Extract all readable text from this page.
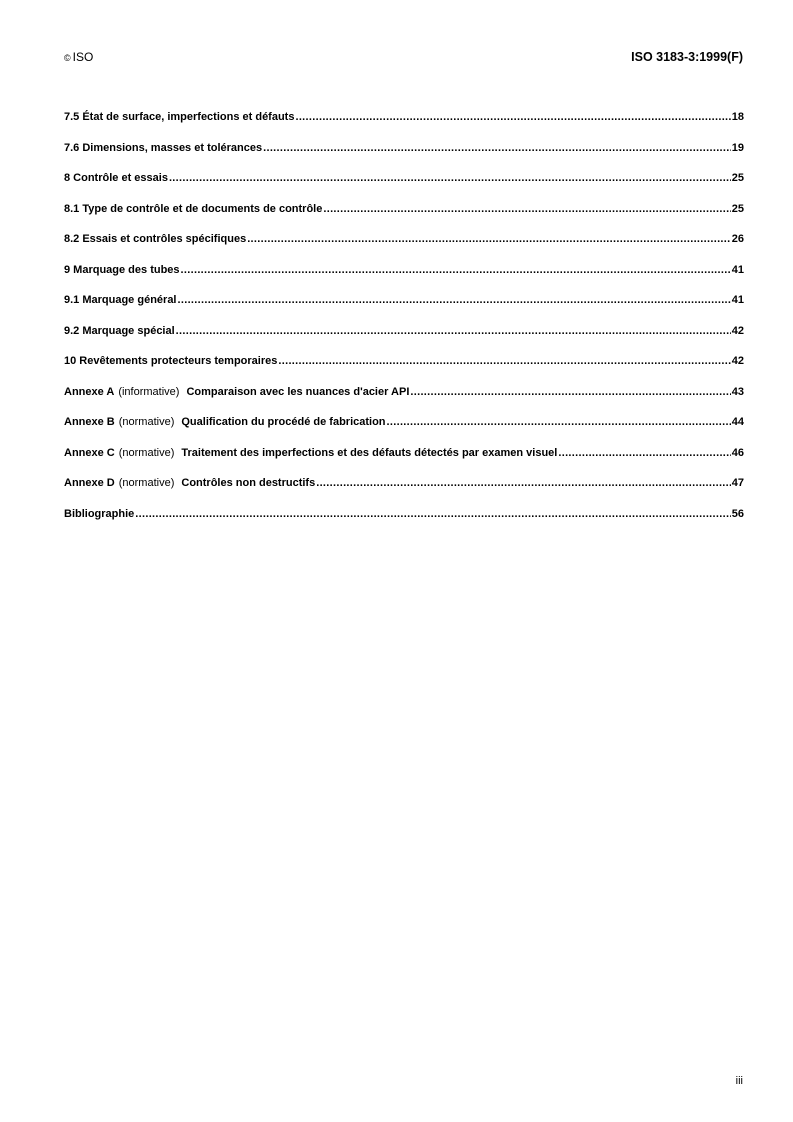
© ISO	ISO 3183-3:1999(F)
7.5 État de surface, imperfections et défauts .....	18
7.6 Dimensions, masses et tolérances .....	19
8 Contrôle et essais .....	25
8.1 Type de contrôle et de documents de contrôle .....	25
8.2 Essais et contrôles spécifiques .....	26
9 Marquage des tubes .....	41
9.1 Marquage général .....	41
9.2 Marquage spécial .....	42
10 Revêtements protecteurs temporaires .....	42
Annexe A (informative) Comparaison avec les nuances d'acier API .....	43
Annexe B (normative) Qualification du procédé de fabrication .....	44
Annexe C (normative) Traitement des imperfections et des défauts détectés par examen visuel .....	46
Annexe D (normative) Contrôles non destructifs .....	47
Bibliographie .....	56
iii
